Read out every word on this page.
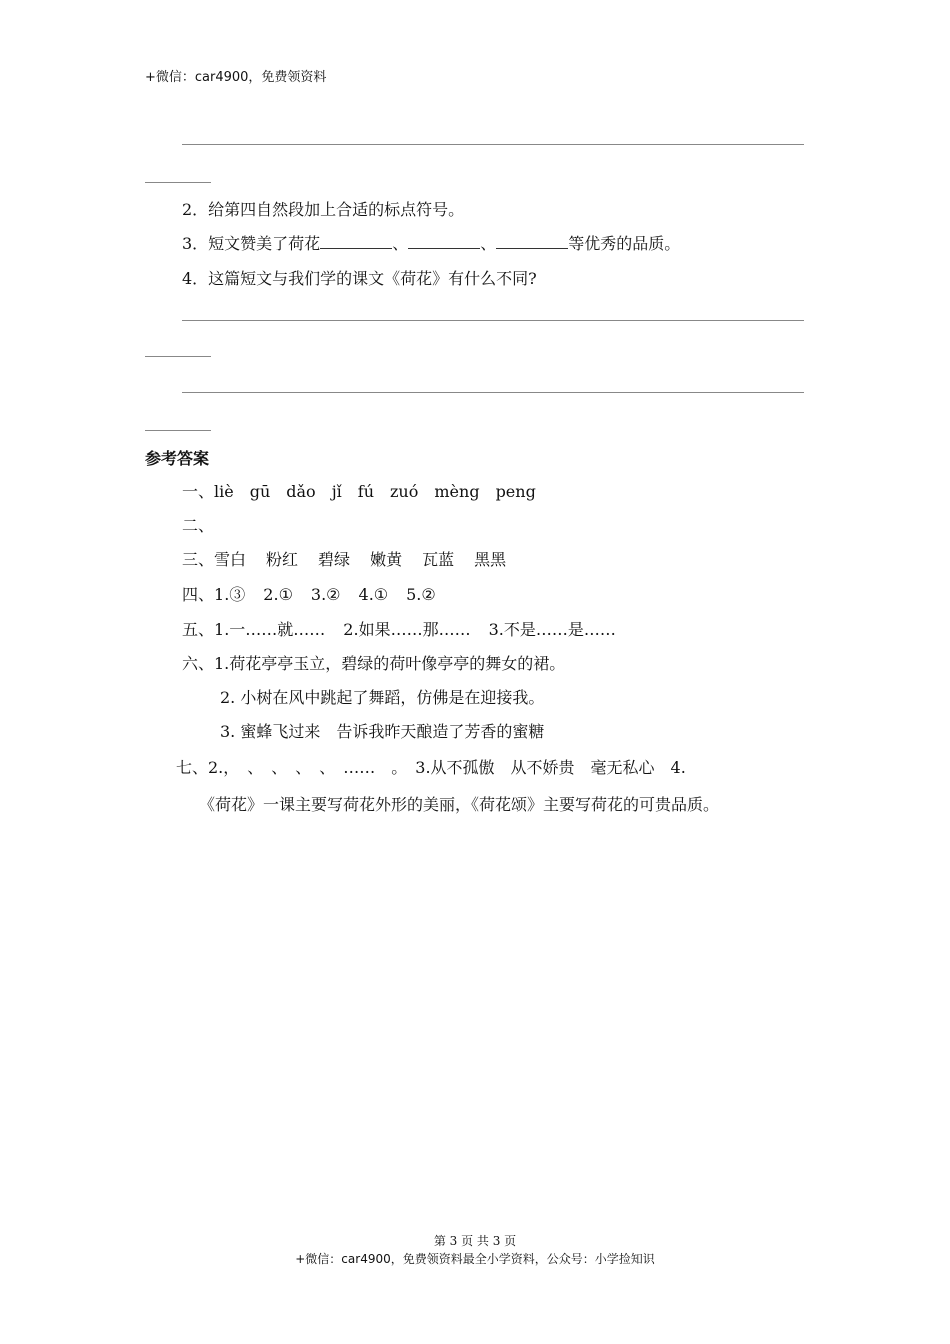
+微信：car4900，免费领资料
2．给第四自然段加上合适的标点符号。
3．短文赞美了荷花	、	、	等优秀的品质。
4．这篇短文与我们学的课文《荷花》有什么不同?
参考答案
一、liè gū dǎo jǐ fú zuó mèng peng
二、
三、雪白 粉红 碧绿 嫩黄 瓦蓝 黑黑
四、1.③ 2.① 3.② 4.① 5.②
五、1.一……就…… 2.如果……那…… 3.不是……是……
六、1.荷花亭亭玉立，碧绿的荷叶像亭亭的舞女的裙。
2. 小树在风中跳起了舞蹈，仿佛是在迎接我。
3. 蜜蜂飞过来　告诉我昨天酿造了芳香的蜜糖
七、2.，　、　、　、　、　……　。　3.从不孤傲　从不娇贵　毫无私心　4.
《荷花》一课主要写荷花外形的美丽，《荷花颂》主要写荷花的可贵品质。
第 3 页 共 3 页
+微信：car4900，免费领资料最全小学资料，公众号：小学捡知识
